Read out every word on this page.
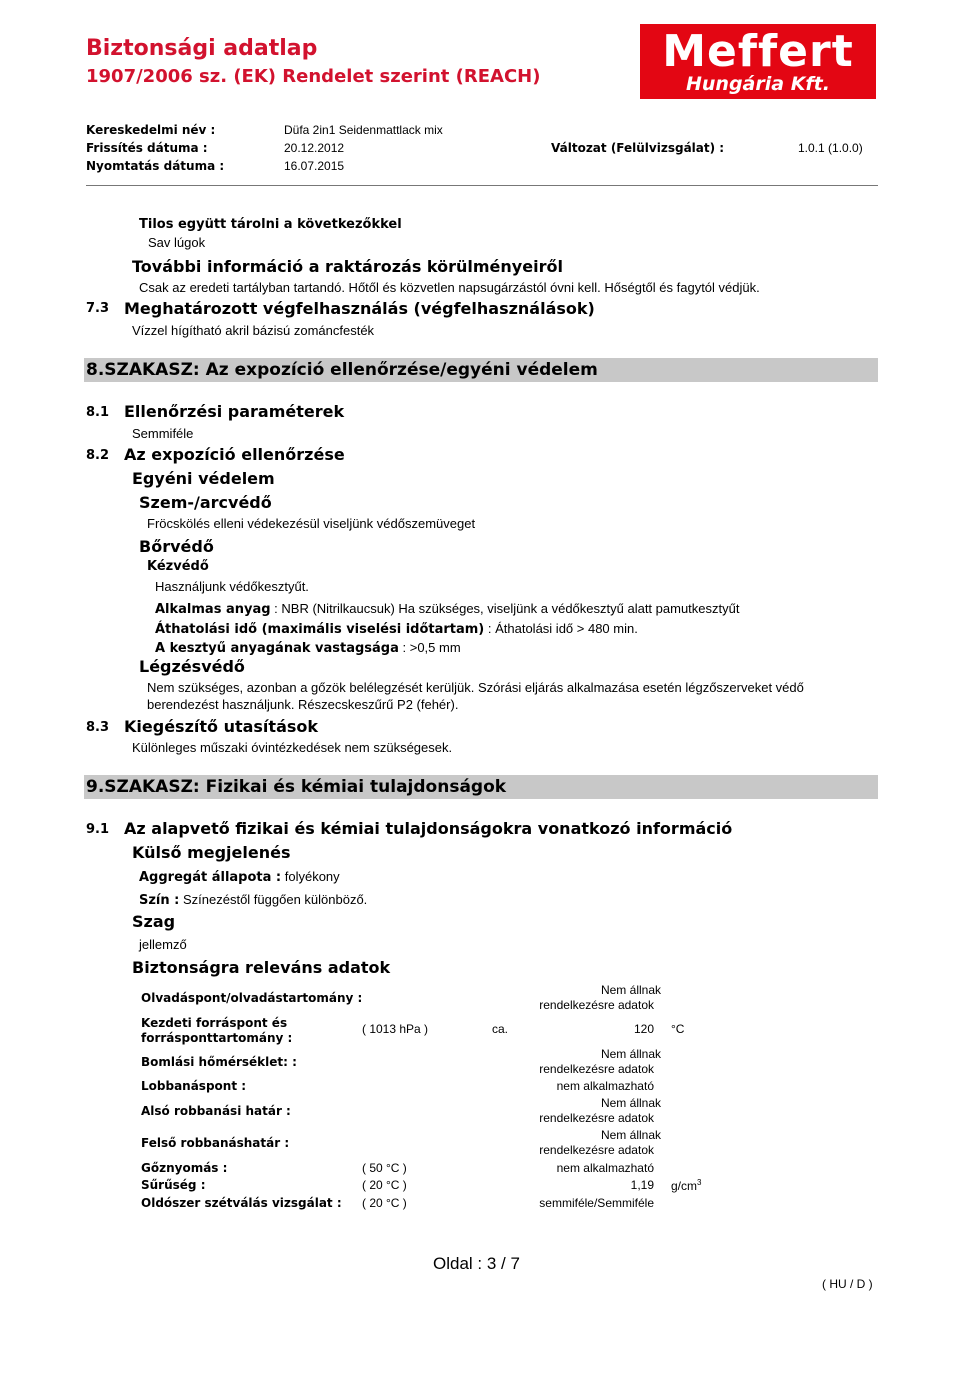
Biztonsági adatlap
1907/2006 sz. (EK) Rendelet szerint (REACH)	Meffert
Hungária Kft.
Kereskedelmi név :	Düfa 2in1 Seidenmattlack mix
Frissítés dátuma :	20.12.2012	Változat (Felülvizsgálat) :	1.0.1 (1.0.0)
Nyomtatás dátuma :	16.07.2015
Tilos együtt tárolni a következőkkel
Sav lúgok
További információ a raktározás körülményeiről
Csak az eredeti tartályban tartandó. Hőtől és közvetlen napsugárzástól óvni kell. Hőségtől és fagytól védjük.
7.3 Meghatározott végfelhasználás (végfelhasználások)
Vízzel hígítható akril bázisú zománcfesték
8.SZAKASZ: Az expozíció ellenőrzése/egyéni védelem
8.1 Ellenőrzési paraméterek
Semmiféle
8.2 Az expozíció ellenőrzése
Egyéni védelem
Szem-/arcvédő
Fröcskölés elleni védekezésül viseljünk védőszemüveget
Bőrvédő
Kézvédő
Használjunk védőkesztyűt.
Alkalmas anyag : NBR (Nitrilkaucsuk) Ha szükséges, viseljünk a védőkesztyű alatt pamutkesztyűt
Áthatolási idő (maximális viselési időtartam) : Áthatolási idő > 480 min.
A kesztyű anyagának vastagsága : >0,5 mm
Légzésvédő
Nem szükséges, azonban a gőzök belélegzését kerüljük. Szórási eljárás alkalmazása esetén légzőszerveket védő
berendezést használjunk. Részecskeszűrű P2 (fehér).
8.3 Kiegészítő utasítások
Különleges műszaki óvintézkedések nem szükségesek.
9.SZAKASZ: Fizikai és kémiai tulajdonságok
9.1 Az alapvető fizikai és kémiai tulajdonságokra vonatkozó információ
Külső megjelenés
Aggregát állapota : folyékony
Szín : Színezéstől függően különböző.
Szag
jellemző
Biztonságra releváns adatok
Olvadáspont/olvadástartomány :
Nem állnak
rendelkezésre adatok
Kezdeti forráspont és
forrásponttartomány :
( 1013 hPa )	ca.	120 °C
Bomlási hőmérséklet: :
Nem állnak
rendelkezésre adatok
Lobbanáspont :	nem alkalmazható
Alsó robbanási határ :
Nem állnak
rendelkezésre adatok
Felső robbanáshatár :
Nem állnak
rendelkezésre adatok
Gőznyomás :	( 50 °C )	nem alkalmazható
Sűrűség :	( 20 °C )	1,19 $g/cm^3$
Oldószer szétválás vizsgálat : ( 20 °C )	semmiféle/Semmiféle
Oldal : 3 / 7
( HU / D )
